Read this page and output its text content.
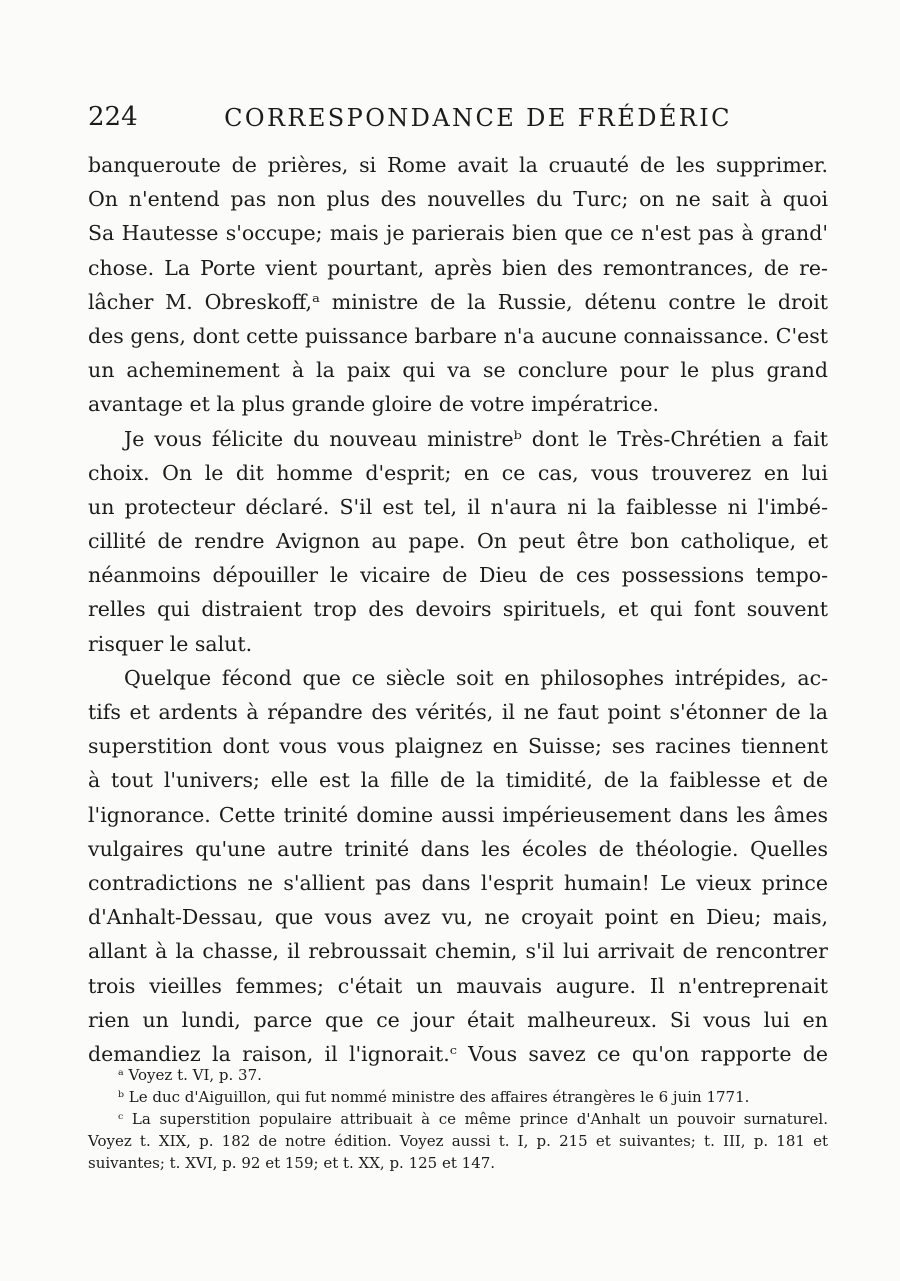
224	CORRESPONDANCE DE FRÉDÉRIC
banqueroute de prières, si Rome avait la cruauté de les supprimer.
On n'entend pas non plus des nouvelles du Turc; on ne sait à quoi
Sa Hautesse s'occupe; mais je parierais bien que ce n'est pas à grand'
chose. La Porte vient pourtant, après bien des remontrances, de re-
lâcher M. Obreskoff,ᵃ ministre de la Russie, détenu contre le droit
des gens, dont cette puissance barbare n'a aucune connaissance. C'est
un acheminement à la paix qui va se conclure pour le plus grand
avantage et la plus grande gloire de votre impératrice.
Je vous félicite du nouveau ministreᵇ dont le Très-Chrétien a fait
choix. On le dit homme d'esprit; en ce cas, vous trouverez en lui
un protecteur déclaré. S'il est tel, il n'aura ni la faiblesse ni l'imbé-
cillité de rendre Avignon au pape. On peut être bon catholique, et
néanmoins dépouiller le vicaire de Dieu de ces possessions tempo-
relles qui distraient trop des devoirs spirituels, et qui font souvent
risquer le salut.
Quelque fécond que ce siècle soit en philosophes intrépides, ac-
tifs et ardents à répandre des vérités, il ne faut point s'étonner de la
superstition dont vous vous plaignez en Suisse; ses racines tiennent
à tout l'univers; elle est la fille de la timidité, de la faiblesse et de
l'ignorance. Cette trinité domine aussi impérieusement dans les âmes
vulgaires qu'une autre trinité dans les écoles de théologie. Quelles
contradictions ne s'allient pas dans l'esprit humain! Le vieux prince
d'Anhalt-Dessau, que vous avez vu, ne croyait point en Dieu; mais,
allant à la chasse, il rebroussait chemin, s'il lui arrivait de rencontrer
trois vieilles femmes; c'était un mauvais augure. Il n'entreprenait
rien un lundi, parce que ce jour était malheureux. Si vous lui en
demandiez la raison, il l'ignorait.ᶜ Vous savez ce qu'on rapporte de
ᵃ Voyez t. VI, p. 37.
ᵇ Le duc d'Aiguillon, qui fut nommé ministre des affaires étrangères le 6 juin 1771.
ᶜ La superstition populaire attribuait à ce même prince d'Anhalt un pouvoir surnaturel.
Voyez t. XIX, p. 182 de notre édition. Voyez aussi t. I, p. 215 et suivantes; t. III, p. 181 et
suivantes; t. XVI, p. 92 et 159; et t. XX, p. 125 et 147.
